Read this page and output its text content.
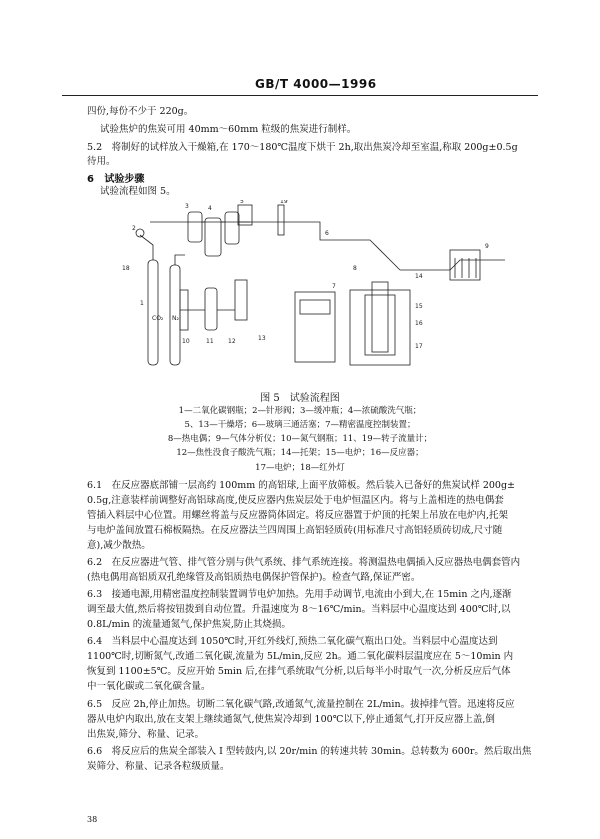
GB/T 4000—1996
四份,每份不少于 220g。
试验焦炉的焦炭可用 40mm～60mm 粒级的焦炭进行制样。
5.2　将制好的试样放入干燥箱,在 170～180℃温度下烘干 2h,取出焦炭冷却至室温,称取 200g±0.5g
待用。
6 试验步骤
试验流程如图 5。
18
2
3	4
5	19
6
1
CO₂ N₂
10	11 12	13
7
8
9
14
15
16
17
图 5　试验流程图
1—二氧化碳钢瓶；2—针形阀；3—缓冲瓶；4—浓硫酸洗气瓶；
5、13—干燥塔；6—玻璃三通活塞；7—精密温度控制装置；
8—热电偶；9—气体分析仪；10—氮气钢瓶；11、19—转子流量计；
12—焦性没食子酸洗气瓶；14—托架；15—电炉；16—反应器；
17—电炉；18—红外灯
6.1　在反应器底部铺一层高约 100mm 的高铝球,上面平放筛板。然后装入已备好的焦炭试样 200g±
0.5g,注意装样前调整好高铝球高度,使反应器内焦炭层处于电炉恒温区内。将与上盖相连的热电偶套
管插入料层中心位置。用螺丝将盖与反应器筒体固定。将反应器置于炉顶的托架上吊放在电炉内,托架
与电炉盖间放置石棉板隔热。在反应器法兰四周围上高铝轻质砖(用标准尺寸高铝轻质砖切成,尺寸随
意),减少散热。
6.2　在反应器进气管、排气管分别与供气系统、排气系统连接。将测温热电偶插入反应器热电偶套管内
(热电偶用高铝质双孔绝缘管及高铝质热电偶保护管保护)。检查气路,保证严密。
6.3　接通电源,用精密温度控制装置调节电炉加热。先用手动调节,电流由小到大,在 15min 之内,逐渐
调至最大值,然后将按钮拨到自动位置。升温速度为 8～16℃/min。当料层中心温度达到 400℃时,以
0.8L/min 的流量通氮气,保护焦炭,防止其烧损。
6.4　当料层中心温度达到 1050℃时,开红外线灯,预热二氧化碳气瓶出口处。当料层中心温度达到
1100℃时,切断氮气,改通二氧化碳,流量为 5L/min,反应 2h。通二氧化碳料层温度应在 5～10min 内
恢复到 1100±5℃。反应开始 5min 后,在排气系统取气分析,以后每半小时取气一次,分析反应后气体
中一氧化碳或二氧化碳含量。
6.5　反应 2h,停止加热。切断二氧化碳气路,改通氮气,流量控制在 2L/min。拔掉排气管。迅速将反应
器从电炉内取出,放在支架上继续通氮气,使焦炭冷却到 100℃以下,停止通氮气,打开反应器上盖,倒
出焦炭,筛分、称量、记录。
6.6　将反应后的焦炭全部装入 I 型转鼓内,以 20r/min 的转速共转 30min。总转数为 600r。然后取出焦
炭筛分、称量、记录各粒级质量。
38
